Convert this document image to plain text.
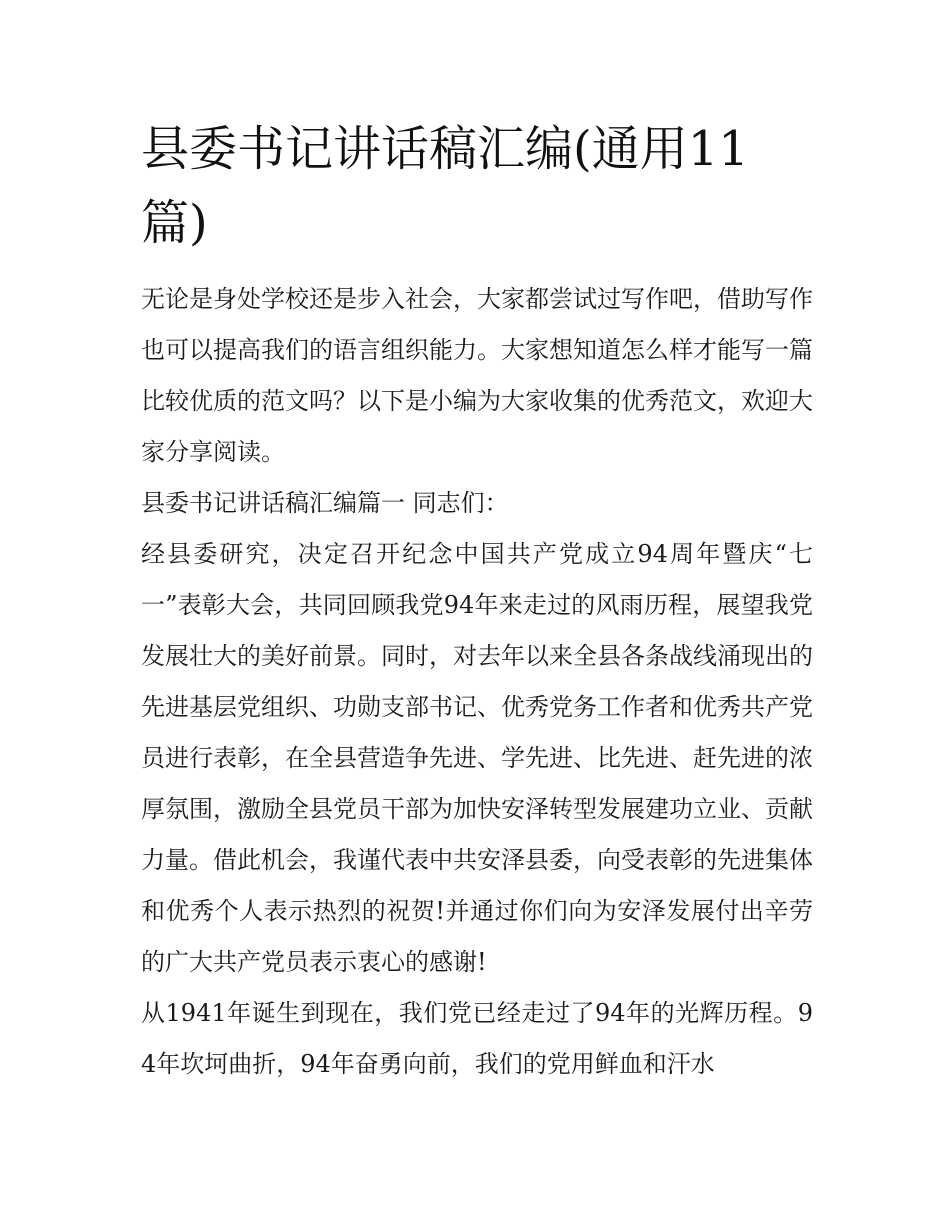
县委书记讲话稿汇编(通用11篇)

无论是身处学校还是步入社会，大家都尝试过写作吧，借助写作也可以提高我们的语言组织能力。大家想知道怎么样才能写一篇比较优质的范文吗？以下是小编为大家收集的优秀范文，欢迎大家分享阅读。

县委书记讲话稿汇编篇一 同志们：

经县委研究，决定召开纪念中国共产党成立94周年暨庆“七一”表彰大会，共同回顾我党94年来走过的风雨历程，展望我党发展壮大的美好前景。同时，对去年以来全县各条战线涌现出的先进基层党组织、功勋支部书记、优秀党务工作者和优秀共产党员进行表彰，在全县营造争先进、学先进、比先进、赶先进的浓厚氛围，激励全县党员干部为加快安泽转型发展建功立业、贡献力量。借此机会，我谨代表中共安泽县委，向受表彰的先进集体和优秀个人表示热烈的祝贺!并通过你们向为安泽发展付出辛劳的广大共产党员表示衷心的感谢!

从1941年诞生到现在，我们党已经走过了94年的光辉历程。94年坎坷曲折，94年奋勇向前，我们的党用鲜血和汗水
